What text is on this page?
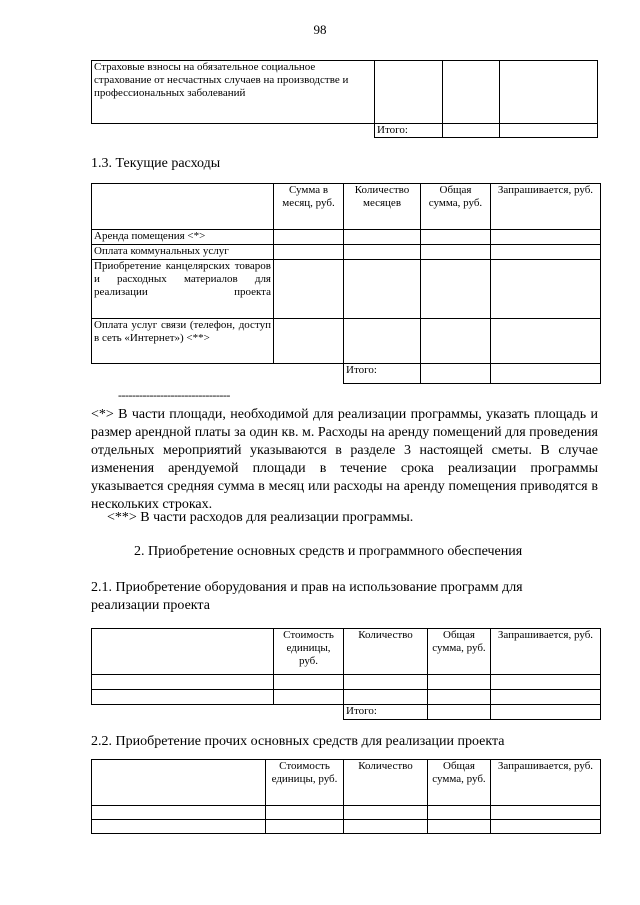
98
Страховые взносы на обязательное социальное страхование от несчастных случаев на производстве и профессиональных заболеваний			
	Итого:		
1.3. Текущие расходы
	Сумма в месяц, руб.	Количество месяцев	Общая сумма, руб.	Запрашивается, руб.
Аренда помещения <*>				
Оплата коммунальных услуг				
Приобретение канцелярских товаров и расходных материалов для реализации проекта				
Оплата услуг связи (телефон, доступ в сеть «Интернет») <**>				
		Итого:		
--------------------------------
<*> В части площади, необходимой для реализации программы, указать площадь и размер арендной платы за один кв. м. Расходы на аренду помещений для проведения отдельных мероприятий указываются в разделе 3 настоящей сметы. В случае изменения арендуемой площади в течение срока реализации программы указывается средняя сумма в месяц или расходы на аренду помещения приводятся в нескольких строках.
<**> В части расходов для реализации программы.
2. Приобретение основных средств и программного обеспечения
2.1. Приобретение оборудования и прав на использование программ для реализации проекта
	Стоимость единицы, руб.	Количество	Общая сумма, руб.	Запрашивается, руб.

		Итого:		
2.2. Приобретение прочих основных средств для реализации проекта
	Стоимость единицы, руб.	Количество	Общая сумма, руб.	Запрашивается, руб.
